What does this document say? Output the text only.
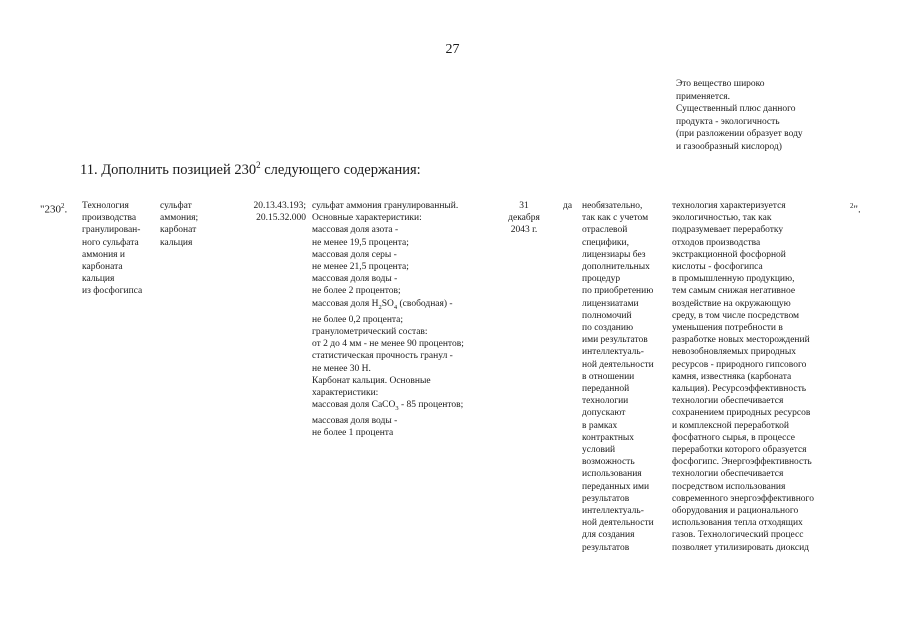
27
Это вещество широко
применяется.
Существенный плюс данного
продукта - экологичность
(при разложении образует воду
и газообразный кислород)
11. Дополнить позицией $230^2$ следующего содержания:
"$230^2$.	Технология
производства
гранулирован-
ного сульфата
аммония и
карбоната
кальция
из фосфогипса
сульфат
аммония;
карбонат
кальция
20.13.43.193;
20.15.32.000
сульфат аммония гранулированный.
Основные характеристики:
массовая доля азота -
не менее 19,5 процента;
массовая доля серы -
не менее 21,5 процента;
массовая доля воды -
не более 2 процентов;
массовая доля $H_2SO_4$ (свободная) -
не более 0,2 процента;
гранулометрический состав:
от 2 до 4 мм - не менее 90 процентов;
статистическая прочность гранул -
не менее 30 Н.
Карбонат кальция. Основные
характеристики:
массовая доля CaCO$_3$ - 85 процентов;
массовая доля воды -
не более 1 процента
31
декабря
2043 г.
да	необязательно,
так как с учетом
отраслевой
специфики,
лицензиары без
дополнительных
процедур
по приобретению
лицензиатами
полномочий
по созданию
ими результатов
интеллектуаль-
ной деятельности
в отношении
переданной
технологии
допускают
в рамках
контрактных
условий
возможность
использования
переданных ими
результатов
интеллектуаль-
ной деятельности
для создания
результатов
технология характеризуется
экологичностью, так как
подразумевает переработку
отходов производства
экстракционной фосфорной
кислоты - фосфогипса
в промышленную продукцию,
тем самым снижая негативное
воздействие на окружающую
среду, в том числе посредством
уменьшения потребности в
разработке новых месторождений
невозобновляемых природных
ресурсов - природного гипсового
камня, известняка (карбоната
кальция). Ресурсоэффективность
технологии обеспечивается
сохранением природных ресурсов
и комплексной переработкой
фосфатного сырья, в процессе
переработки которого образуется
фосфогипс. Энергоэффективность
технологии обеспечивается
посредством использования
современного энергоэффективного
оборудования и рационального
использования тепла отходящих
газов. Технологический процесс
позволяет утилизировать диоксид
$^2$".
